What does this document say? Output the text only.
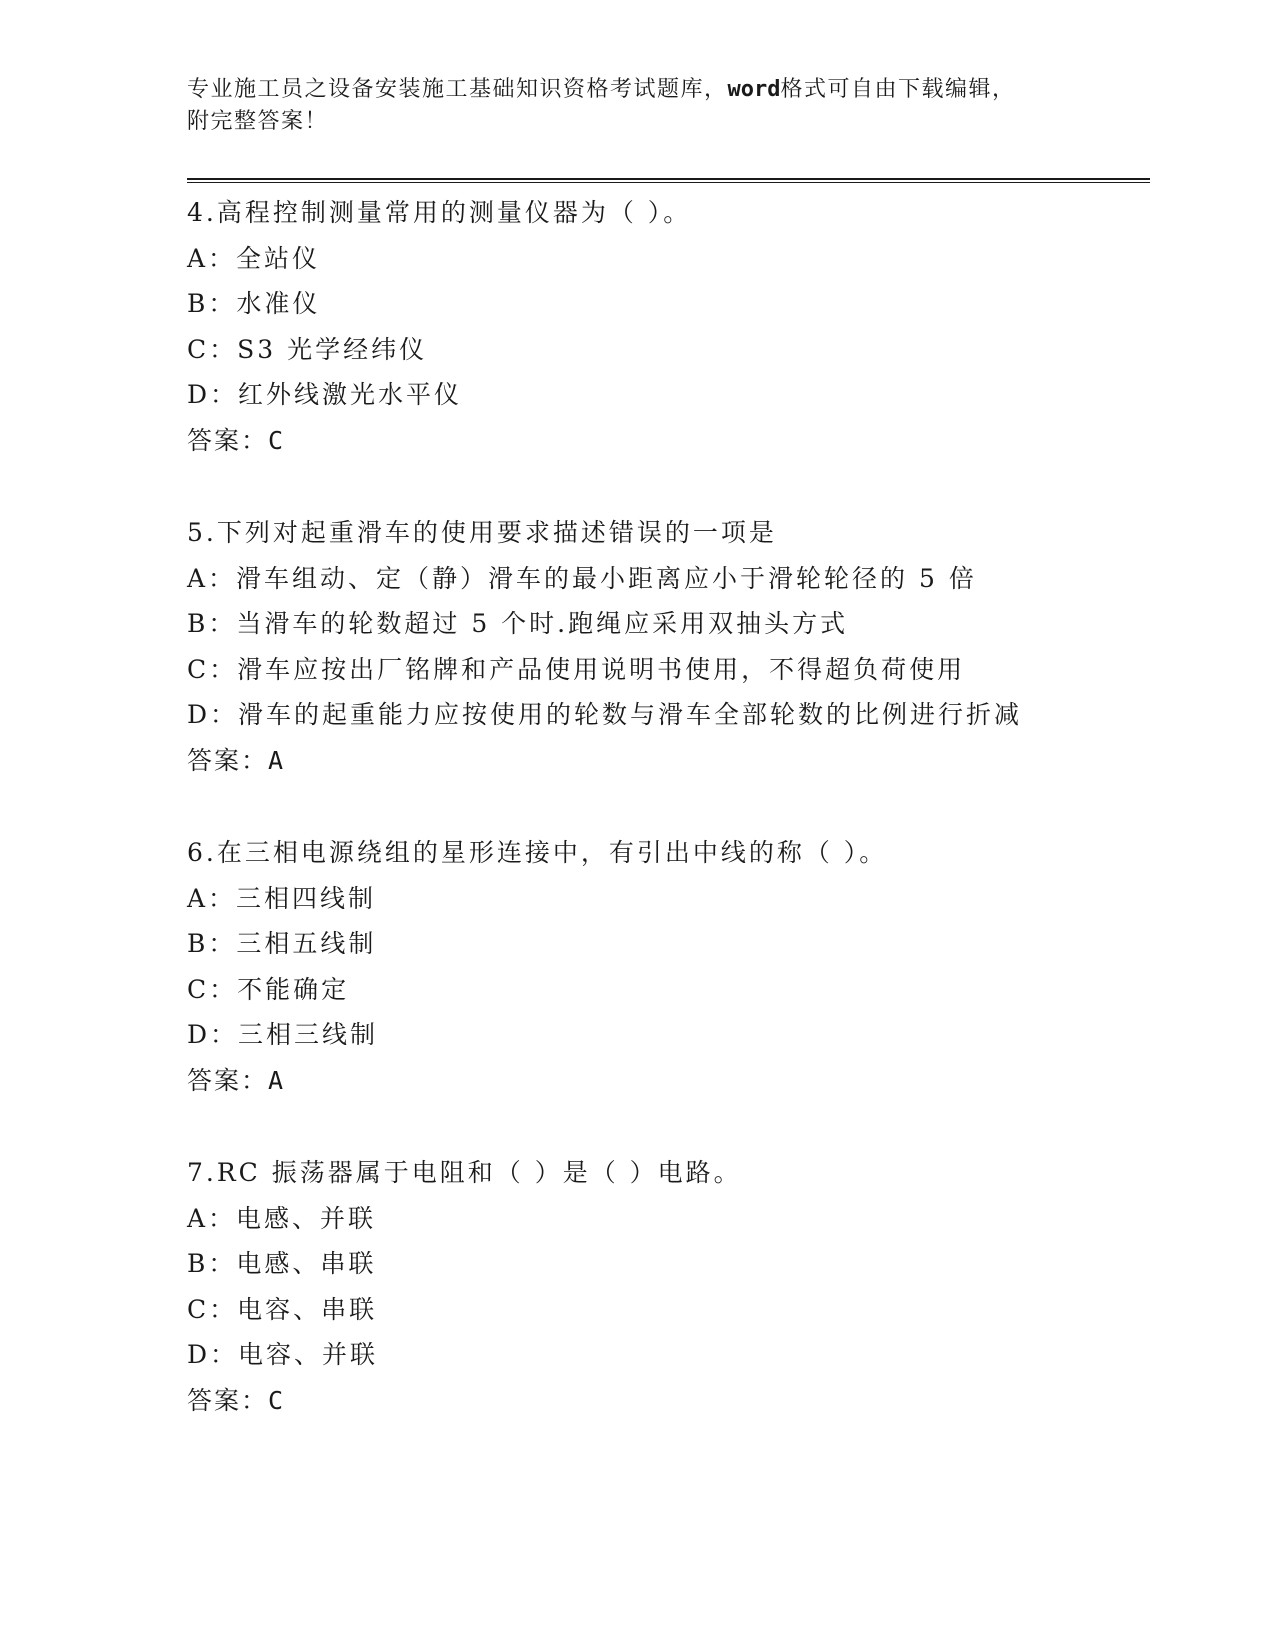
专业施工员之设备安装施工基础知识资格考试题库，word格式可自由下载编辑，
附完整答案！
4.高程控制测量常用的测量仪器为（ ）。
A：全站仪
B：水准仪
C：S3 光学经纬仪
D：红外线激光水平仪
答案：C
5.下列对起重滑车的使用要求描述错误的一项是
A：滑车组动、定（静）滑车的最小距离应小于滑轮轮径的 5 倍
B：当滑车的轮数超过 5 个时.跑绳应采用双抽头方式
C：滑车应按出厂铭牌和产品使用说明书使用，不得超负荷使用
D：滑车的起重能力应按使用的轮数与滑车全部轮数的比例进行折减
答案：A
6.在三相电源绕组的星形连接中，有引出中线的称（ ）。
A：三相四线制
B：三相五线制
C：不能确定
D：三相三线制
答案：A
7.RC 振荡器属于电阻和（ ）是（ ）电路。
A：电感、并联
B：电感、串联
C：电容、串联
D：电容、并联
答案：C
